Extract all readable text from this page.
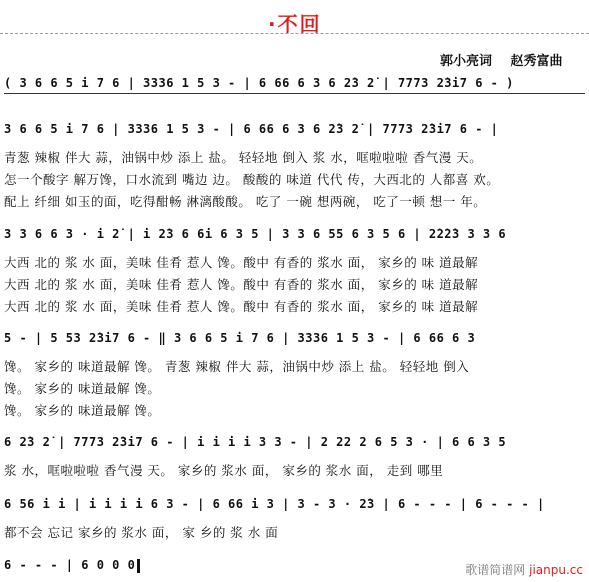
·不回
郭小亮词 赵秀富曲
( 3 6 6 5 i 7 6 | 3336 1 5 3 - | 6 66 6 3 6 2̇3 2̇ | 7773 2̇3i7 6 - )
3 6 6 5 i 7 6 | 3336 1 5 3 - | 6 66 6 3 6 2̇3 2̇ | 7773 2̇3i7 6 - |
青葱 辣椒 伴大 蒜，油锅中炒 添上 盐。 轻轻地 倒入 浆 水，哐啦啦啦 香气漫 天。
怎一个酸字 解万馋，口水流到 嘴边 边。 酸酸的 味道 代代 传，大西北的 人都喜 欢。
配上 纤细 如玉的面，吃得酣畅 淋漓酸酸。 吃了 一碗 想两碗， 吃了一顿 想一 年。
3 3 6 6 3 · i 2̇ | i 2̇3 6 6i 6 3 5 | 3 3 6 55 6 3 5 6 | 2̇2̇2̇3 3 3 6
大西 北的 浆 水 面，美味 佳肴 惹人 馋。酸中 有香的 浆水 面， 家乡的 味 道最解
大西 北的 浆 水 面，美味 佳肴 惹人 馋。酸中 有香的 浆水 面， 家乡的 味 道最解
大西 北的 浆 水 面，美味 佳肴 惹人 馋。酸中 有香的 浆水 面， 家乡的 味 道最解
5 - | 5 53 2̇3i7 6 - ‖ 3 6 6 5 i 7 6 | 3336 1 5 3 - | 6 66 6 3
馋。 家乡的 味道最解 馋。 青葱 辣椒 伴大 蒜，油锅中炒 添上 盐。 轻轻地 倒入
馋。 家乡的 味道最解 馋。
馋。 家乡的 味道最解 馋。
6 2̇3 2̇ | 7773 2̇3i7 6 - | i i i i 3 3 - | 2 22 2 6 5 3 · | 6 6 3 5
浆 水，哐啦啦啦 香气漫 天。 家乡的 浆水 面， 家乡的 浆水 面， 走到 哪里
6 56 i i | i i i i 6 3 - | 6 66 i 3 | 3 - 3 · 2̇3 | 6 - - - | 6 - - - |
都不会 忘记 家乡的 浆水 面， 家 乡的 浆 水 面
6 - - - | 6 0 0 0	歌谱简谱网 jianpu.cc
